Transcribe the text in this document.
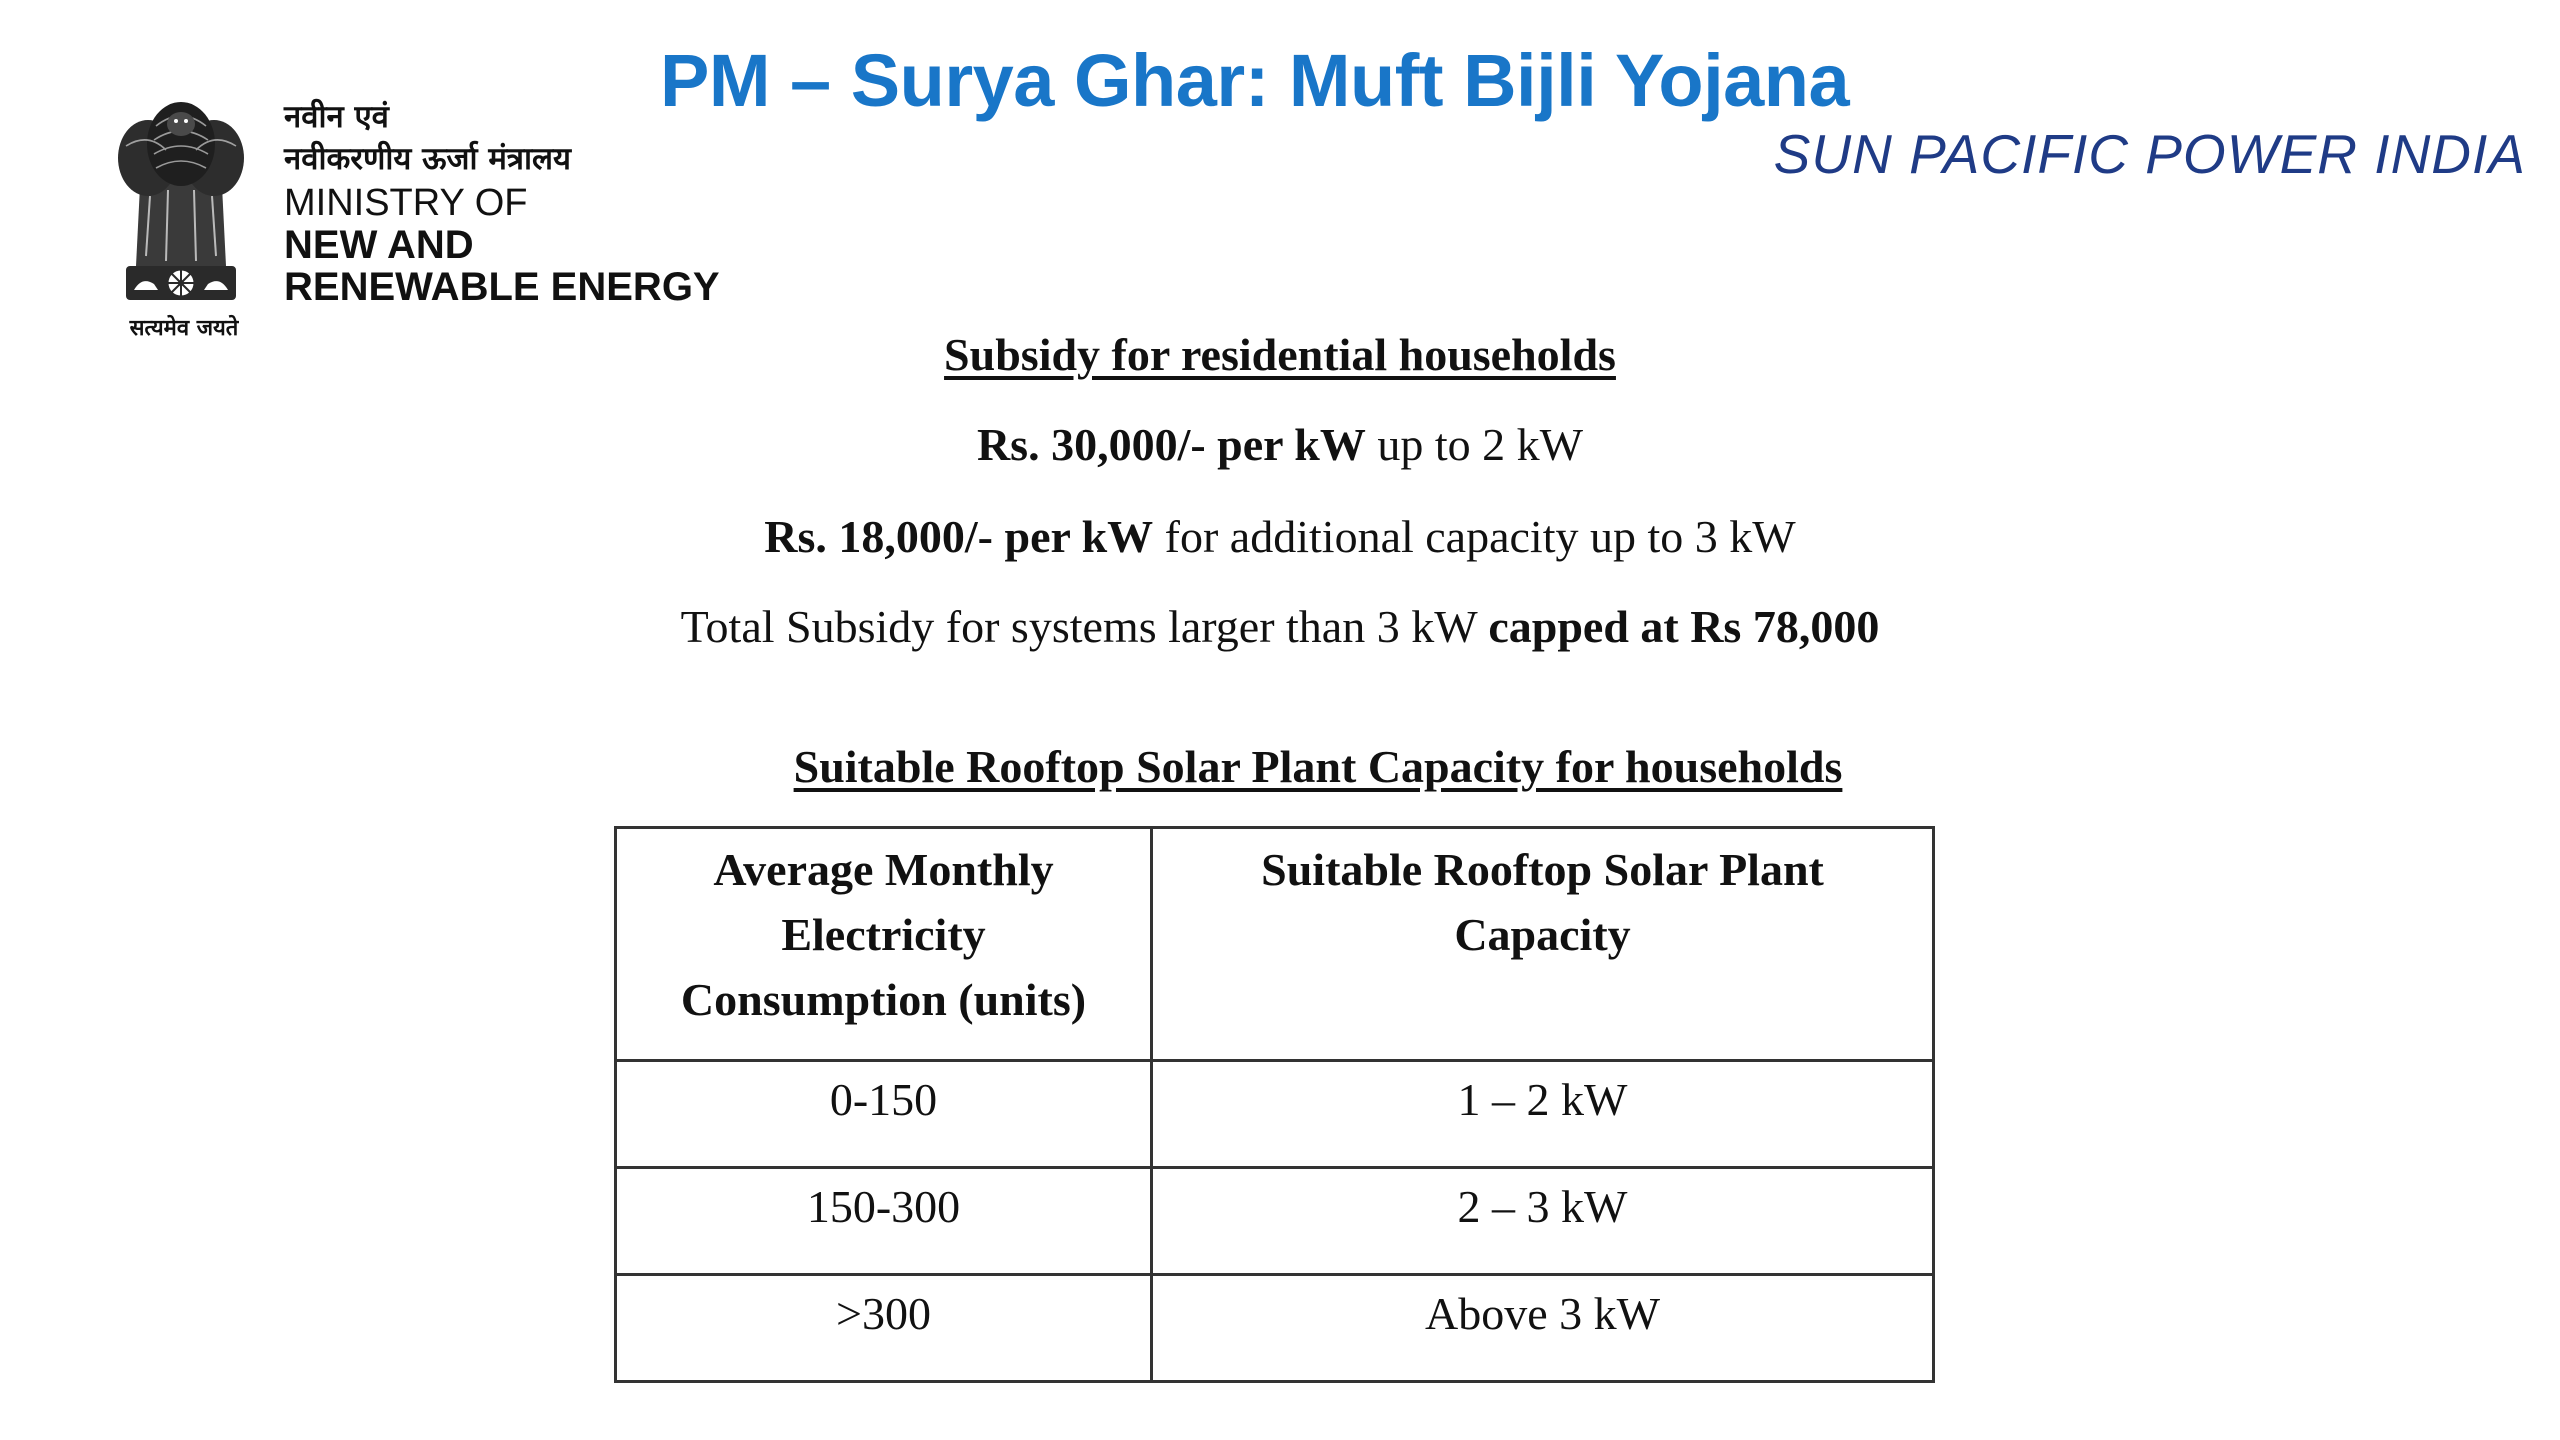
सत्यमेव जयते
नवीन एवं
नवीकरणीय ऊर्जा मंत्रालय
MINISTRY OF
NEW AND
RENEWABLE ENERGY
PM – Surya Ghar: Muft Bijli Yojana
SUN PACIFIC POWER INDIA
Subsidy for residential households
Rs. 30,000/- per kW up to 2 kW
Rs. 18,000/- per kW for additional capacity up to 3 kW
Total Subsidy for systems larger than 3 kW capped at Rs 78,000
Suitable Rooftop Solar Plant Capacity for households
Average Monthly
Electricity
Consumption (units)	Suitable Rooftop Solar Plant
Capacity

0-150	1 – 2 kW
150-300	2 – 3 kW
>300	Above 3 kW
